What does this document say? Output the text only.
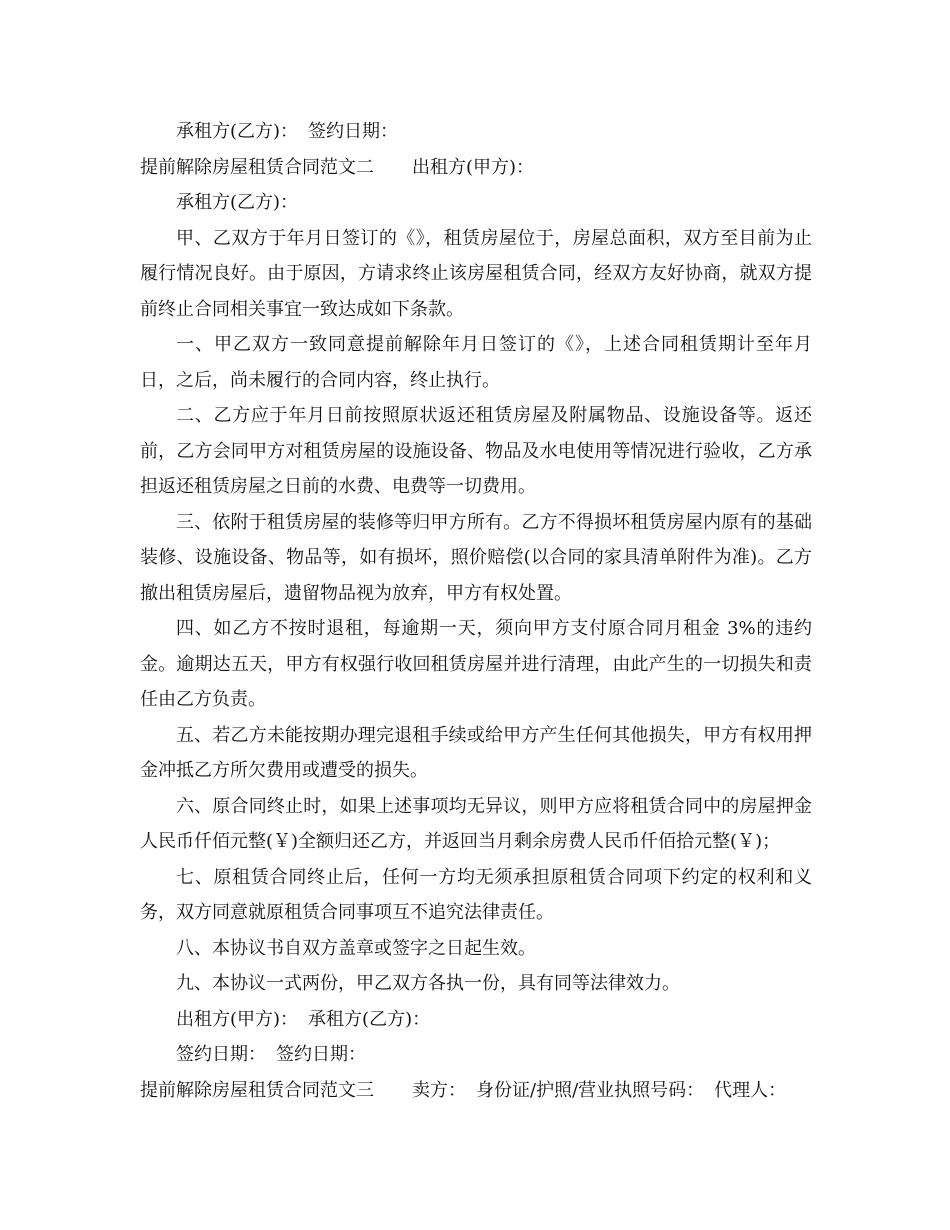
承租方(乙方)： 签约日期：

提前解除房屋租赁合同范文二 出租方(甲方)：

承租方(乙方)：

甲、乙双方于年月日签订的《》，租赁房屋位于，房屋总面积，双方至目前为止履行情况良好。由于原因，方请求终止该房屋租赁合同，经双方友好协商，就双方提前终止合同相关事宜一致达成如下条款。

一、甲乙双方一致同意提前解除年月日签订的《》，上述合同租赁期计至年月日，之后，尚未履行的合同内容，终止执行。

二、乙方应于年月日前按照原状返还租赁房屋及附属物品、设施设备等。返还前，乙方会同甲方对租赁房屋的设施设备、物品及水电使用等情况进行验收，乙方承担返还租赁房屋之日前的水费、电费等一切费用。

三、依附于租赁房屋的装修等归甲方所有。乙方不得损坏租赁房屋内原有的基础装修、设施设备、物品等，如有损坏，照价赔偿(以合同的家具清单附件为准)。乙方撤出租赁房屋后，遗留物品视为放弃，甲方有权处置。

四、如乙方不按时退租，每逾期一天，须向甲方支付原合同月租金 3%的违约金。逾期达五天，甲方有权强行收回租赁房屋并进行清理，由此产生的一切损失和责任由乙方负责。

五、若乙方未能按期办理完退租手续或给甲方产生任何其他损失，甲方有权用押金冲抵乙方所欠费用或遭受的损失。

六、原合同终止时，如果上述事项均无异议，则甲方应将租赁合同中的房屋押金人民币仟佰元整(￥)全额归还乙方，并返回当月剩余房费人民币仟佰拾元整(￥)；

七、原租赁合同终止后，任何一方均无须承担原租赁合同项下约定的权利和义务，双方同意就原租赁合同事项互不追究法律责任。

八、本协议书自双方盖章或签字之日起生效。

九、本协议一式两份，甲乙双方各执一份，具有同等法律效力。

出租方(甲方)： 承租方(乙方)：

签约日期： 签约日期：

提前解除房屋租赁合同范文三 卖方： 身份证/护照/营业执照号码： 代理人：
